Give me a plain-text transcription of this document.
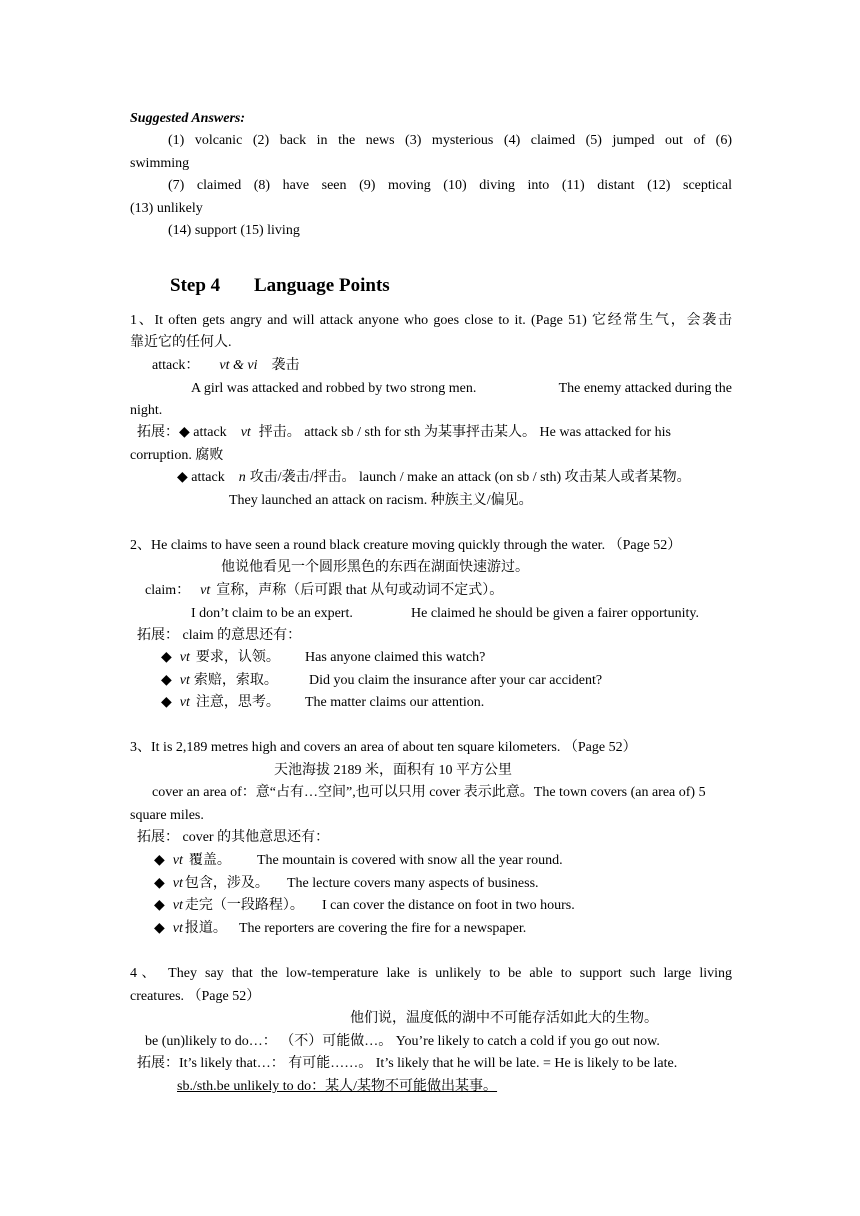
Suggested Answers:
(1) volcanic (2) back in the news (3) mysterious (4) claimed (5) jumped out of (6)
swimming
(7) claimed (8) have seen (9) moving (10) diving into (11) distant (12) sceptical
(13) unlikely
(14) support (15) living
Step 4 Language Points
1、It often gets angry and will attack anyone who goes close to it. (Page 51) 它经常生气，会袭击
靠近它的任何人.
attack： vt & vi 袭击
A girl was attacked and robbed by two strong men.	The enemy attacked during the
night.
拓展：◆ attack vt 抨击。 attack sb / sth for sth 为某事抨击某人。 He was attacked for his
corruption. 腐败
◆ attack n 攻击/袭击/抨击。 launch / make an attack (on sb / sth) 攻击某人或者某物。
They launched an attack on racism. 种族主义/偏见。
2、He claims to have seen a round black creature moving quickly through the water. （Page 52）
他说他看见一个圆形黑色的东西在湖面快速游过。
claim： vt 宣称，声称（后可跟 that 从句或动词不定式）。
I don’t claim to be an expert.	He claimed he should be given a fairer opportunity.
拓展： claim 的意思还有：
◆ vt 要求，认领。 Has anyone claimed this watch?
◆ vt 索赔，索取。 Did you claim the insurance after your car accident?
◆ vt 注意，思考。 The matter claims our attention.
3、It is 2,189 metres high and covers an area of about ten square kilometers. （Page 52）
天池海拔 2189 米，面积有 10 平方公里
cover an area of：意“占有…空间”,也可以只用 cover 表示此意。The town covers (an area of) 5
square miles.
拓展： cover 的其他意思还有：
◆ vt 覆盖。 The mountain is covered with snow all the year round.
◆ vt 包含，涉及。 The lecture covers many aspects of business.
◆ vt 走完（一段路程）。 I can cover the distance on foot in two hours.
◆ vt 报道。 The reporters are covering the fire for a newspaper.
4、 They say that the low-temperature lake is unlikely to be able to support such large living
creatures. （Page 52）
他们说，温度低的湖中不可能存活如此大的生物。
be (un)likely to do…： （不）可能做…。 You’re likely to catch a cold if you go out now.
拓展：It’s likely that…： 有可能……。 It’s likely that he will be late. = He is likely to be late.
sb./sth.be unlikely to do：某人/某物不可能做出某事。
